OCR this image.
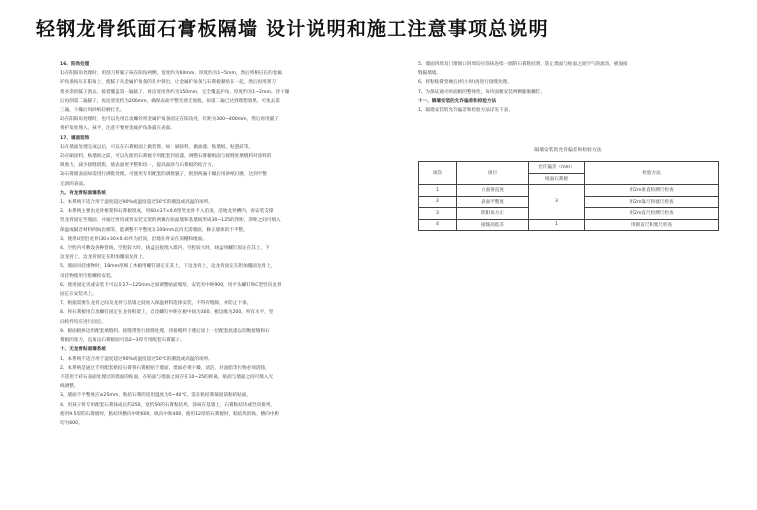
轻钢龙骨纸面石膏板隔墙 设计说明和施工注意事项总说明
16、阳角处理
1)在阳阳角处理时，用刮刀将腻子抹在阳角两侧，宽度约为60mm，厚度约为1~5mm，然后将相应长的金属
护角条按压在阳角上，使腻子从金属护角条的孔中挤出，让金属护角条与石膏板紧贴在一起，然后再用刮刀
将多余的腻子刮去。接着覆盖第一遍腻子，再边宽度各约为150mm，完全覆盖护角，厚度约为1~2mm。待干燥
后再刮第二遍腻子，再边宽度约为200mm，确保表面平整光滑无划痕。如第二遍已达到理想效果，可免去第
三遍，干燥后用砂纸轻磨打光。
2)在阳阳角处理时，也可以先用自攻螺丝将金属护角条固定在阳角处，钉距为300~400mm，然后再用腻子
将护角处埋入，抹平，注意不要将金属护角条露在表面。
17、墙面装饰
1)在墙面处理完成以后，可以在石膏板面上做装饰，如：刷涂料，做油漆，贴墙纸，贴瓷砖等。
2)在刷涂料，贴墙纸之前，可以先使用石膏板专用配套封底漆，调整石膏板纸面与接缝处填缝料对涂料的
吸收力，减少接缝阴影，使表面更平整和均一，提高面涂与石膏板的结合力。
3)石膏板表面如需进行满批处理，可使用专用配套的满批腻子，批刮两遍干燥后用砂纸打磨，达到平整
无滑的表面。
九、有龙骨贴面墙系统
1、本系统不适合用于湿度超过90%或温度超过50℃的潮湿或高温的场所。
2、本系统主要由龙骨框架和石膏板组成，用60×27×0.6型竖龙骨卡入沿顶、沿地龙骨槽内，再安装支撑
竖龙骨固定至墙面，并通过剪切或背安装支架的两翼在贴面墙和基墙间形成30~125的净距，净距之间可填入
保温或隔音材料例如岩棉等，能调整不平整度在100mm以内无需墙面，修正墙体的不平整。
3、使用U型沿龙骨(30×30×0.4)作为沿顶，沿地在骨安在顶棚和地面。
4、空腔内可敷设各种管线，空腔较大时，线盒直接埋入墙内，空腔较大时，线盒用螺钉固定在其上，下
边龙骨上，边龙骨固定在附加覆面龙骨上。
5、墙面吊挂重物时，18mm厚细工木板用螺钉固定在其上，下边龙骨上，边龙骨固定在附加覆面龙骨上，
吊挂物使用空腔螺栓安装。
6、使用固定夹或安装卡可以在27~125mm之间调整贴面墙厚，安装夹中距900，用平头螺钉和C型竖向龙骨
固定在安装夹上。
7、根据需要在龙骨之间及龙骨与基墙之间放入保温材料选择安装，不得有缝隙，并防止下垂。
8、将石膏板用自攻螺钉固定在龙骨框架上，自攻螺钉中距在板中间为300，板边缘为200，所有水平，竖
向构件均应进行固定。
9、板面板拼边用配套填缝料、接缝带进行接缝处理，待接缝料干透后涂上一层配套底漆以均衡接缝和石
膏板的张力，直角边石膏板面可涂2~3厚专用配套石膏腻子。
十、无龙骨贴面墙系统
1、本系统不适合用于湿度超过90%或温度超过50℃的潮湿或高温的场所。
2、本系统是通过专用配套粘结石膏将石膏板贴于墙面，墙面必须干燥，清洁，对油脂等污物必须清除，
不适用于砖石表面处理过的墙面的贴面，在贴面与墙面之间存在10~25的距离，贴面与墙面之间可填入无
线调整。
3、墙面不平整度应≤25mm，粘结石膏的适用温度为5~40℃，需在粘结膏凝固前粘结贴面。
4、用抹子将专用配套石膏抹成长约250，宽约50的石膏粘结块，涂抹在基墙上，石膏粘结块或竖向排列，
使用9.5厚的石膏板时，粘结块横向中距600，纵向中距400，使用12厚的石膏板时，粘结块的纵、横向中距
均为600。
5、墙面四周及门窗洞口四周均应涂抹连续一圈的石膏粘结剂，防止墙面与贴面之间空气的流动，板面接
缝隔墙墙。
6、将粘贴膏变硬后(约小时)再进行接缝处理。
7、为保证通火时面板的整体性，每块面板安装两颗膨胀螺钉。
十一、隔墙安装的允许偏差和检验方法
1、隔墙安装的允许偏差和检验方法详见下表。
隔墙安装的允许偏差和检验方法
项次	项目	允许偏差（mm）	检验方法
		纸面石膏板	
1	立面垂直度	3	用2m垂直检测尺检查
2	表面平整度		用2m靠尺和塞尺检查
3	阴阳角方正		用2m直尺检测尺检查
4	接缝高低差	1	用钢直尺和塞尺检查
